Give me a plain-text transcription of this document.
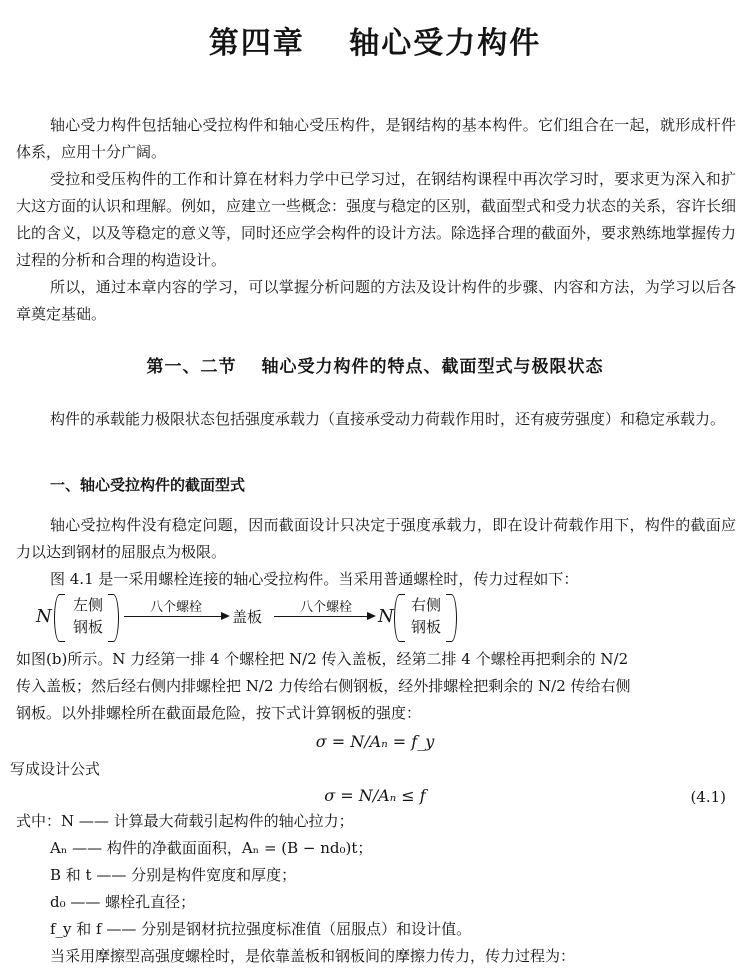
第四章　 轴心受力构件

轴心受力构件包括轴心受拉构件和轴心受压构件，是钢结构的基本构件。它们组合在一起，就形成杆件体系，应用十分广阔。

受拉和受压构件的工作和计算在材料力学中已学习过，在钢结构课程中再次学习时，要求更为深入和扩大这方面的认识和理解。例如，应建立一些概念：强度与稳定的区别，截面型式和受力状态的关系，容许长细比的含义，以及等稳定的意义等，同时还应学会构件的设计方法。除选择合理的截面外，要求熟练地掌握传力过程的分析和合理的构造设计。

所以，通过本章内容的学习，可以掌握分析问题的方法及设计构件的步骤、内容和方法，为学习以后各章奠定基础。

第一、二节　 轴心受力构件的特点、截面型式与极限状态

构件的承载能力极限状态包括强度承载力（直接承受动力荷载作用时，还有疲劳强度）和稳定承载力。

一、轴心受拉构件的截面型式

轴心受拉构件没有稳定问题，因而截面设计只决定于强度承载力，即在设计荷载作用下，构件的截面应力以达到钢材的屈服点为极限。

图 4.1 是一采用螺栓连接的轴心受拉构件。当采用普通螺栓时，传力过程如下：
N
左侧
钢板
八个螺栓
盖板
八个螺栓	N
右侧
钢板
如图(b)所示。N 力经第一排 4 个螺栓把 N/2 传入盖板，经第二排 4 个螺栓再把剩余的 N/2
传入盖板；然后经右侧内排螺栓把 N/2 力传给右侧钢板，经外排螺栓把剩余的 N/2 传给右侧
钢板。以外排螺栓所在截面最危险，按下式计算钢板的强度：
σ = N/Aₙ = f_y
写成设计公式
σ = N/Aₙ ≤ f	(4.1)
式中：N —— 计算最大荷载引起构件的轴心拉力；
Aₙ —— 构件的净截面面积，Aₙ = (B − nd₀)t；
B 和 t —— 分别是构件宽度和厚度；
d₀ —— 螺栓孔直径；
f_y 和 f —— 分别是钢材抗拉强度标准值（屈服点）和设计值。
当采用摩擦型高强度螺栓时，是依靠盖板和钢板间的摩擦力传力，传力过程为：
